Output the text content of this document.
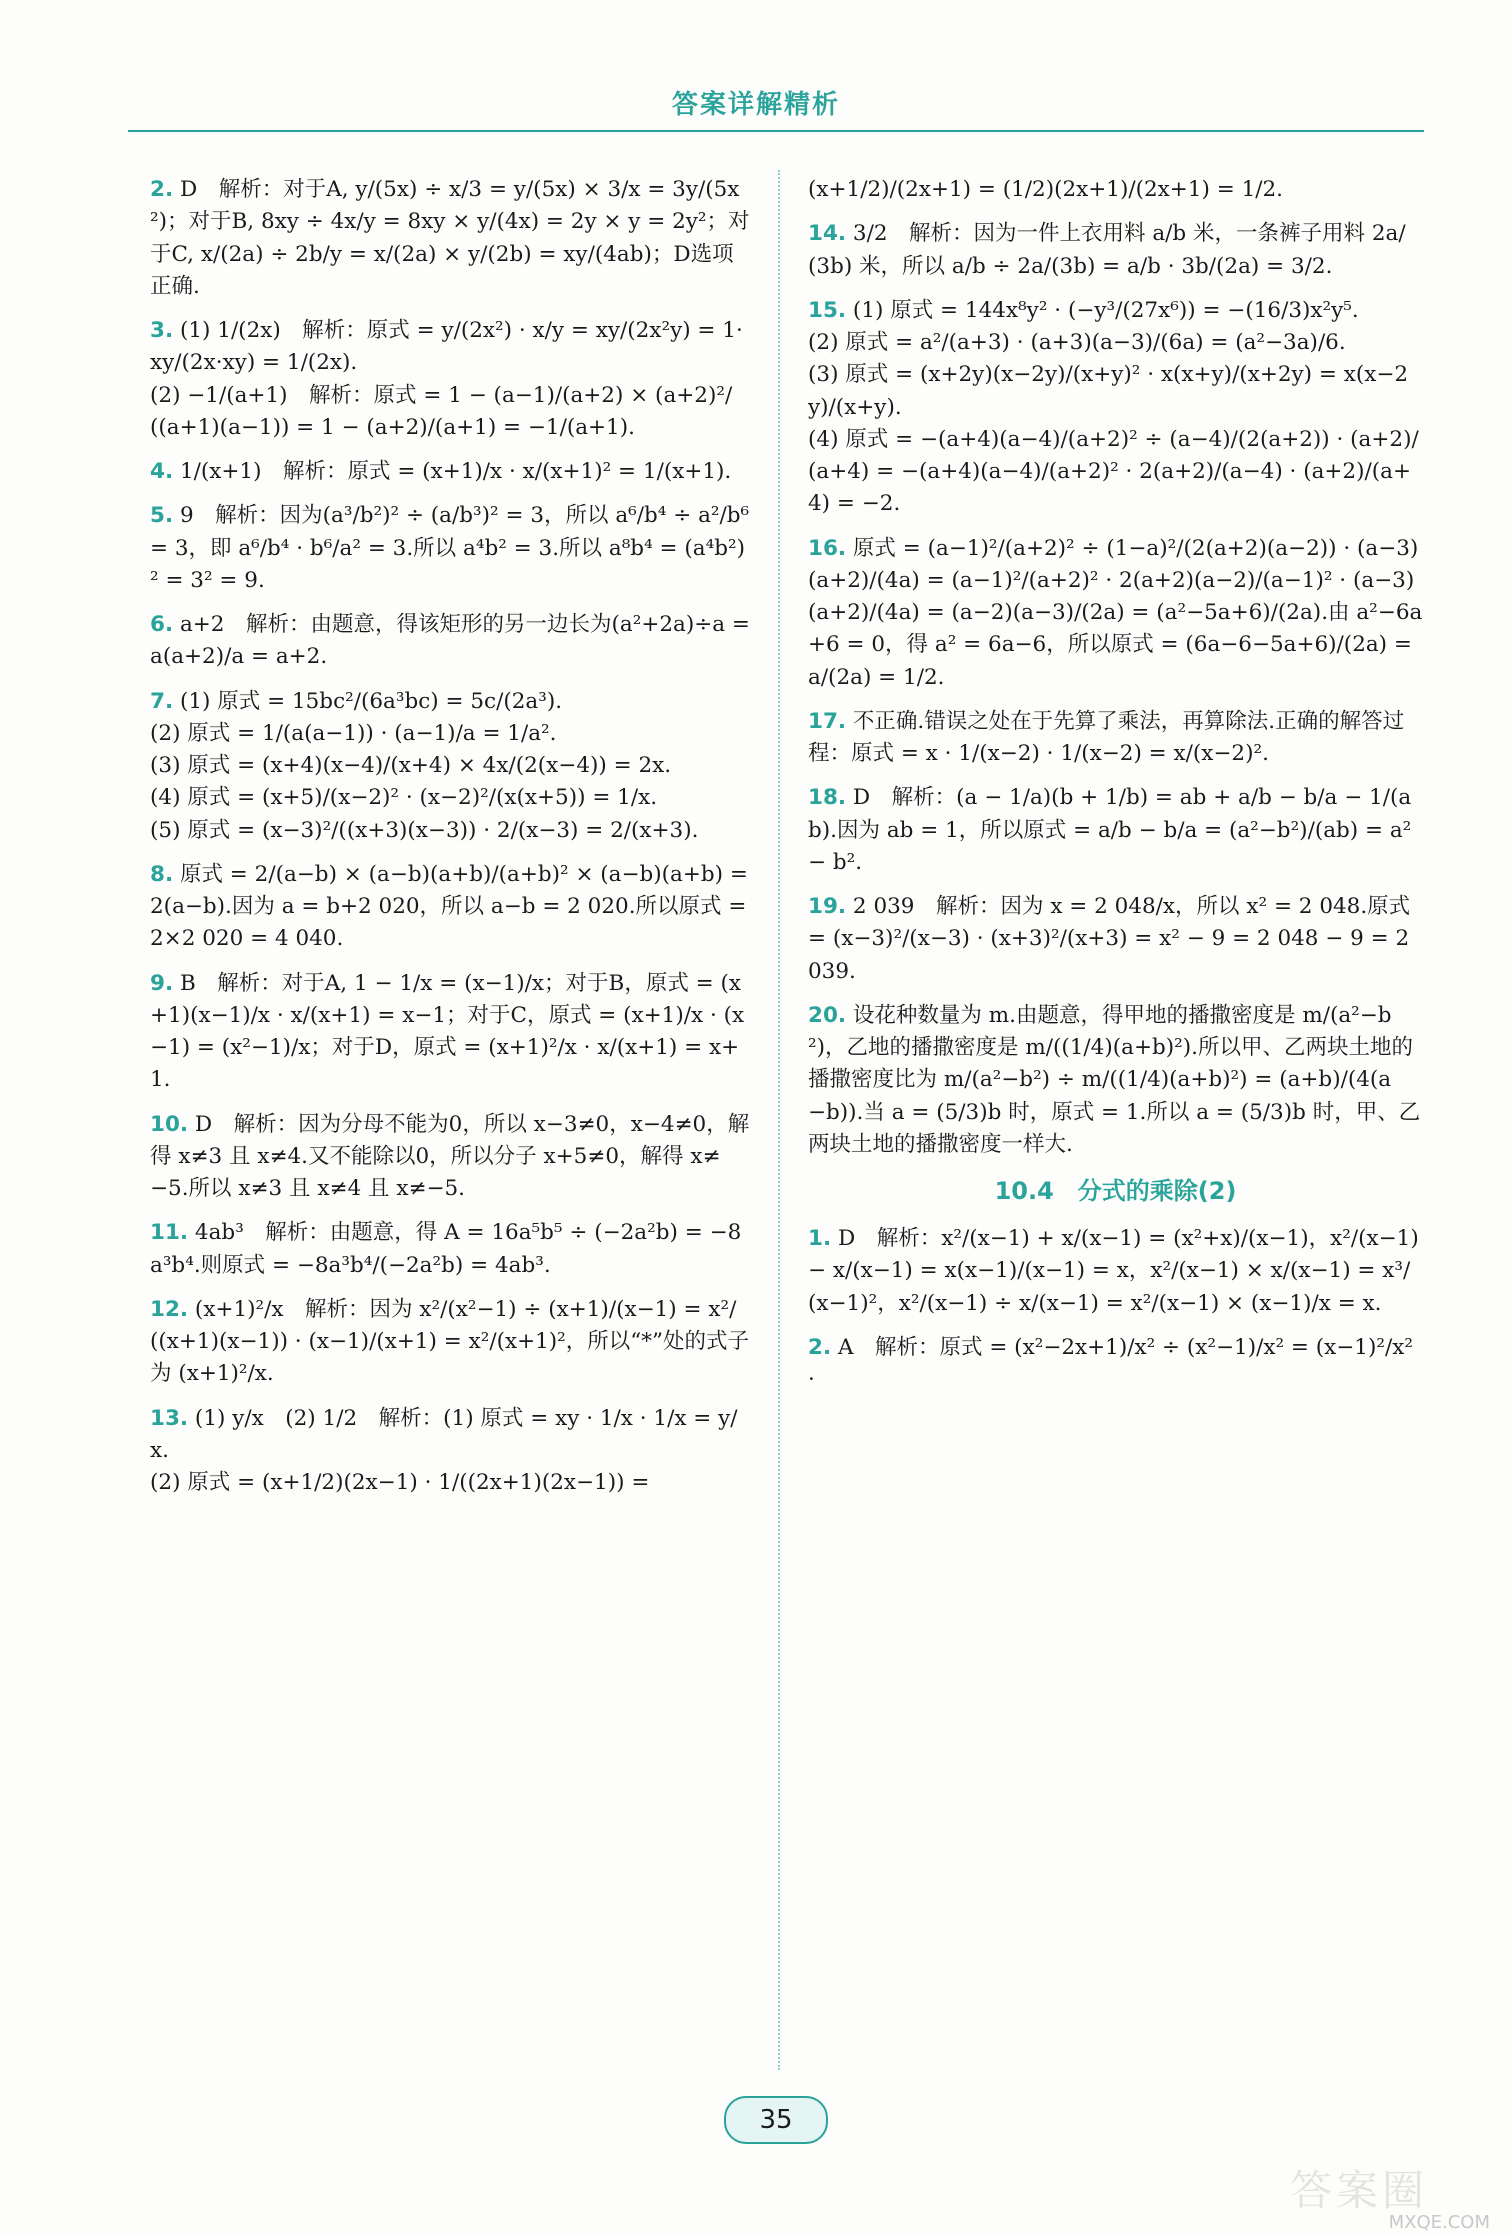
答案详解精析
2. D　解析：对于A, y/(5x) ÷ x/3 = y/(5x) × 3/x = 3y/(5x²)；对于B, 8xy ÷ 4x/y = 8xy × y/(4x) = 2y × y = 2y²；对于C, x/(2a) ÷ 2b/y = x/(2a) × y/(2b) = xy/(4ab)；D选项正确.
3. (1) 1/(2x)　解析：原式 = y/(2x²) · x/y = xy/(2x²y) = 1·xy/(2x·xy) = 1/(2x).
(2) −1/(a+1)　解析：原式 = 1 − (a−1)/(a+2) × (a+2)²/((a+1)(a−1)) = 1 − (a+2)/(a+1) = −1/(a+1).
4. 1/(x+1)　解析：原式 = (x+1)/x · x/(x+1)² = 1/(x+1).
5. 9　解析：因为(a³/b²)² ÷ (a/b³)² = 3，所以 a⁶/b⁴ ÷ a²/b⁶ = 3，即 a⁶/b⁴ · b⁶/a² = 3.所以 a⁴b² = 3.所以 a⁸b⁴ = (a⁴b²)² = 3² = 9.
6. a+2　解析：由题意，得该矩形的另一边长为(a²+2a)÷a = a(a+2)/a = a+2.
7. (1) 原式 = 15bc²/(6a³bc) = 5c/(2a³).
(2) 原式 = 1/(a(a−1)) · (a−1)/a = 1/a².
(3) 原式 = (x+4)(x−4)/(x+4) × 4x/(2(x−4)) = 2x.
(4) 原式 = (x+5)/(x−2)² · (x−2)²/(x(x+5)) = 1/x.
(5) 原式 = (x−3)²/((x+3)(x−3)) · 2/(x−3) = 2/(x+3).
8. 原式 = 2/(a−b) × (a−b)(a+b)/(a+b)² × (a−b)(a+b) = 2(a−b).因为 a = b+2 020，所以 a−b = 2 020.所以原式 = 2×2 020 = 4 040.
9. B　解析：对于A, 1 − 1/x = (x−1)/x；对于B，原式 = (x+1)(x−1)/x · x/(x+1) = x−1；对于C，原式 = (x+1)/x · (x−1) = (x²−1)/x；对于D，原式 = (x+1)²/x · x/(x+1) = x+1.
10. D　解析：因为分母不能为0，所以 x−3≠0，x−4≠0，解得 x≠3 且 x≠4.又不能除以0，所以分子 x+5≠0，解得 x≠−5.所以 x≠3 且 x≠4 且 x≠−5.
11. 4ab³　解析：由题意，得 A = 16a⁵b⁵ ÷ (−2a²b) = −8a³b⁴.则原式 = −8a³b⁴/(−2a²b) = 4ab³.
12. (x+1)²/x　解析：因为 x²/(x²−1) ÷ (x+1)/(x−1) = x²/((x+1)(x−1)) · (x−1)/(x+1) = x²/(x+1)²，所以“*”处的式子为 (x+1)²/x.
13. (1) y/x　(2) 1/2　解析：(1) 原式 = xy · 1/x · 1/x = y/x.
(2) 原式 = (x+1/2)(2x−1) · 1/((2x+1)(2x−1)) =
(x+1/2)/(2x+1) = (1/2)(2x+1)/(2x+1) = 1/2.
14. 3/2　解析：因为一件上衣用料 a/b 米，一条裤子用料 2a/(3b) 米，所以 a/b ÷ 2a/(3b) = a/b · 3b/(2a) = 3/2.
15. (1) 原式 = 144x⁸y² · (−y³/(27x⁶)) = −(16/3)x²y⁵.
(2) 原式 = a²/(a+3) · (a+3)(a−3)/(6a) = (a²−3a)/6.
(3) 原式 = (x+2y)(x−2y)/(x+y)² · x(x+y)/(x+2y) = x(x−2y)/(x+y).
(4) 原式 = −(a+4)(a−4)/(a+2)² ÷ (a−4)/(2(a+2)) · (a+2)/(a+4) = −(a+4)(a−4)/(a+2)² · 2(a+2)/(a−4) · (a+2)/(a+4) = −2.
16. 原式 = (a−1)²/(a+2)² ÷ (1−a)²/(2(a+2)(a−2)) · (a−3)(a+2)/(4a) = (a−1)²/(a+2)² · 2(a+2)(a−2)/(a−1)² · (a−3)(a+2)/(4a) = (a−2)(a−3)/(2a) = (a²−5a+6)/(2a).由 a²−6a+6 = 0，得 a² = 6a−6，所以原式 = (6a−6−5a+6)/(2a) = a/(2a) = 1/2.
17. 不正确.错误之处在于先算了乘法，再算除法.正确的解答过程：原式 = x · 1/(x−2) · 1/(x−2) = x/(x−2)².
18. D　解析：(a − 1/a)(b + 1/b) = ab + a/b − b/a − 1/(ab).因为 ab = 1，所以原式 = a/b − b/a = (a²−b²)/(ab) = a² − b².
19. 2 039　解析：因为 x = 2 048/x，所以 x² = 2 048.原式 = (x−3)²/(x−3) · (x+3)²/(x+3) = x² − 9 = 2 048 − 9 = 2 039.
20. 设花种数量为 m.由题意，得甲地的播撒密度是 m/(a²−b²)，乙地的播撒密度是 m/((1/4)(a+b)²).所以甲、乙两块土地的播撒密度比为 m/(a²−b²) ÷ m/((1/4)(a+b)²) = (a+b)/(4(a−b)).当 a = (5/3)b 时，原式 = 1.所以 a = (5/3)b 时，甲、乙两块土地的播撒密度一样大.
10.4　分式的乘除(2)
1. D　解析：x²/(x−1) + x/(x−1) = (x²+x)/(x−1)，x²/(x−1) − x/(x−1) = x(x−1)/(x−1) = x，x²/(x−1) × x/(x−1) = x³/(x−1)²，x²/(x−1) ÷ x/(x−1) = x²/(x−1) × (x−1)/x = x.
2. A　解析：原式 = (x²−2x+1)/x² ÷ (x²−1)/x² = (x−1)²/x² ·
35
答案圈
MXQE.COM
